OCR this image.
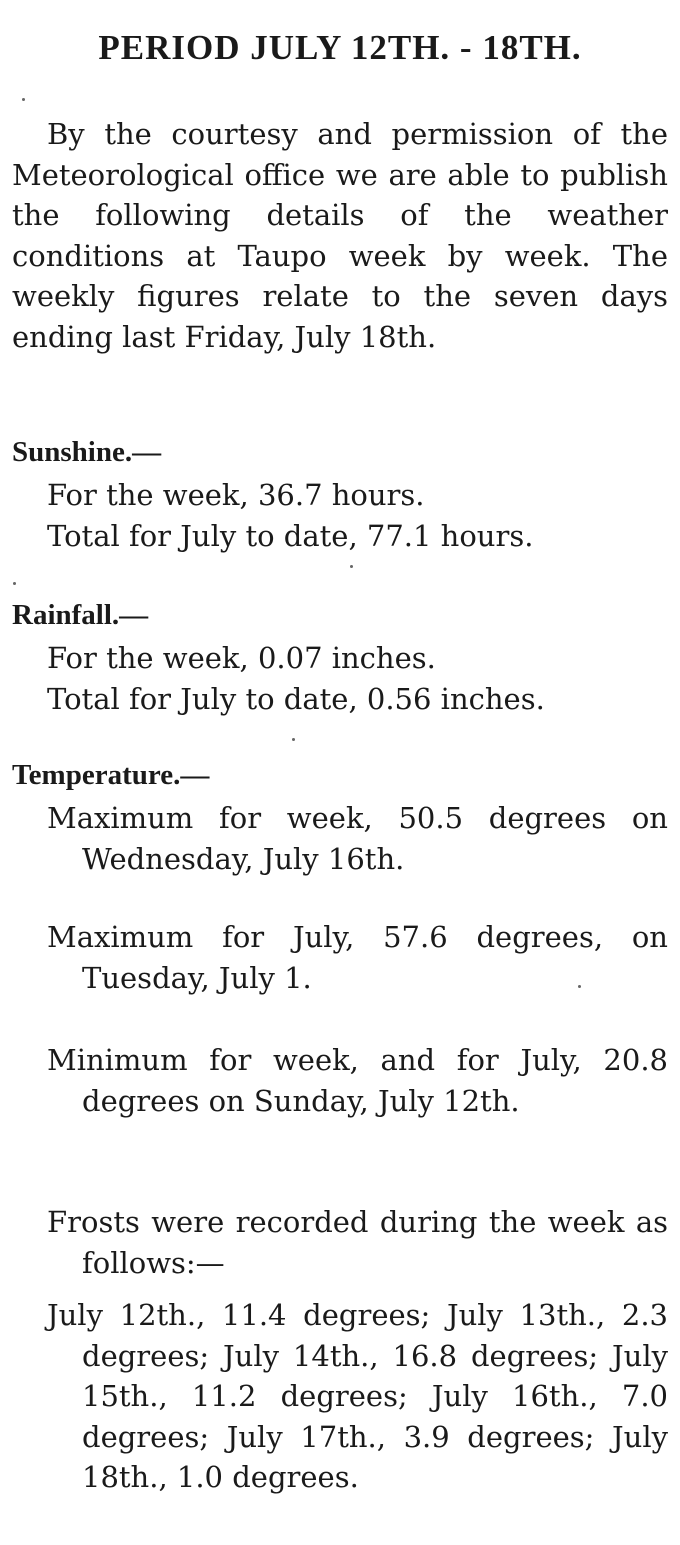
PERIOD JULY 12TH. - 18TH.

By the courtesy and permission of the Meteorological office we are able to publish the following details of the weather conditions at Taupo week by week. The weekly figures relate to the seven days ending last Friday, July 18th.

Sunshine.—

For the week, 36.7 hours.

Total for July to date, 77.1 hours.

Rainfall.—

For the week, 0.07 inches.

Total for July to date, 0.56 inches.

Temperature.—

Maximum for week, 50.5 degrees on Wednesday, July 16th.

Maximum for July, 57.6 degrees, on Tuesday, July 1.

Minimum for week, and for July, 20.8 degrees on Sunday, July 12th.

Frosts were recorded during the week as follows:—

July 12th., 11.4 degrees; July 13th., 2.3 degrees; July 14th., 16.8 degrees; July 15th., 11.2 degrees; July 16th., 7.0 degrees; July 17th., 3.9 degrees; July 18th., 1.0 degrees.
